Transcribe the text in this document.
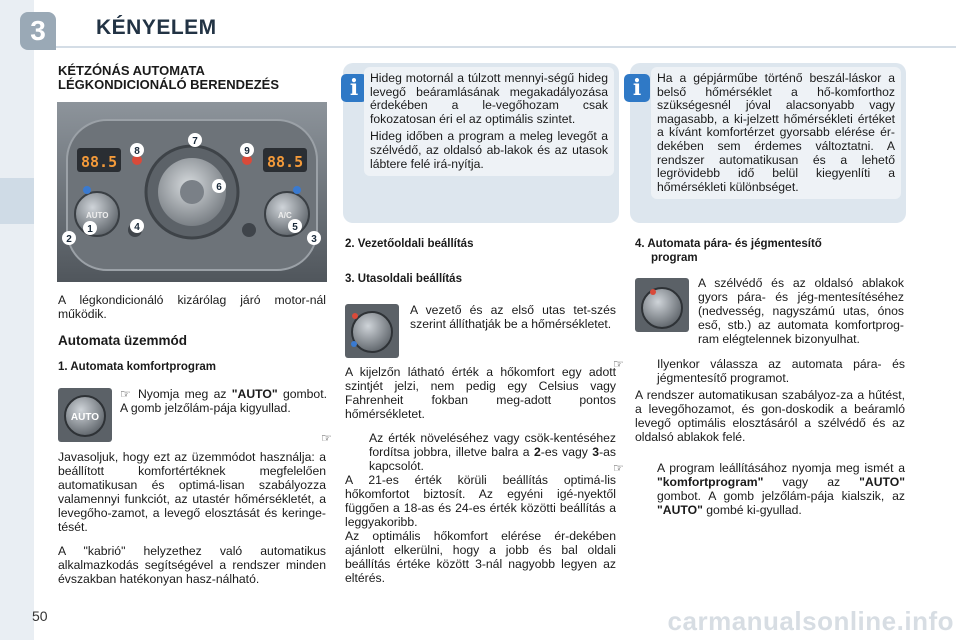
3 KÉNYELEM
KÉTZÓNÁS AUTOMATA
LÉGKONDICIONÁLÓ BERENDEZÉS
88.5	88.5
AUTO	A/C
1
2	3
4	5
6
7
8	9
A légkondicionáló kizárólag járó motor-nál működik.
Automata üzemmód
1. Automata komfortprogram
AUTO
☞ Nyomja meg az "AUTO" gombot. A gomb jelzőlám-pája kigyullad.
Javasoljuk, hogy ezt az üzemmódot használja: a beállított komfortértéknek megfelelően automatikusan és optimá-lisan szabályozza valamennyi funkciót, az utastér hőmérsékletét, a levegőho-zamot, a levegő elosztását és keringe-tését.
A "kabrió" helyzethez való automatikus alkalmazkodás segítségével a rendszer minden évszakban hatékonyan hasz-nálható.
i Hideg motornál a túlzott mennyi-ségű hideg levegő beáramlásának megakadályozása érdekében a le-vegőhozam csak fokozatosan éri el az optimális szintet.

Hideg időben a program a meleg levegőt a szélvédő, az oldalsó ab-lakok és az utasok lábtere felé irá-nyítja.

i	Ha a gépjárműbe történő beszál-láskor a belső hőmérséklet a hő-komforthoz szükségesnél jóval alacsonyabb vagy magasabb, a ki-jelzett hőmérsékleti értéket a kívánt komfortérzet gyorsabb elérése ér-dekében sem érdemes változtatni. A rendszer automatikusan és a lehető legrövidebb idő belül kiegyenlíti a hőmérsékleti különbséget.

2. Vezetőoldali beállítás
3. Utasoldali beállítás
A vezető és az első utas tet-szés szerint állíthatják be a hőmérsékletet.
A kijelzőn látható érték a hőkomfort egy adott szintjét jelzi, nem pedig egy Celsius vagy Fahrenheit fokban meg-adott pontos hőmérsékletet.
☞	Az érték növeléséhez vagy csök-kentéséhez fordítsa jobbra, illetve balra a 2-es vagy 3-as kapcsolót.
A 21-es érték körüli beállítás optimá-lis hőkomfortot biztosít. Az egyéni igé-nyektől függően a 18-as és 24-es érték közötti beállítás a leggyakoribb.
Az optimális hőkomfort elérése ér-dekében ajánlott elkerülni, hogy a jobb és bal oldali beállítás értéke között 3-nál nagyobb legyen az eltérés.
4. Automata pára- és jégmentesítő
program
A szélvédő és az oldalsó ablakok gyors pára- és jég-mentesítéséhez (nedvesség, nagyszámú utas, ónos eső, stb.) az automata komfortprog-ram elégtelennek bizonyulhat.
☞	Ilyenkor válassza az automata pára- és jégmentesítő programot.
A rendszer automatikusan szabályoz-za a hűtést, a levegőhozamot, és gon-doskodik a beáramló levegő optimális elosztásáról a szélvédő és az oldalsó ablakok felé.
☞	A program leállításához nyomja meg ismét a "komfortprogram" vagy az "AUTO" gombot. A gomb jelzőlám-pája kialszik, az "AUTO" gombé ki-gyullad.
50	carmanualsonline.info
